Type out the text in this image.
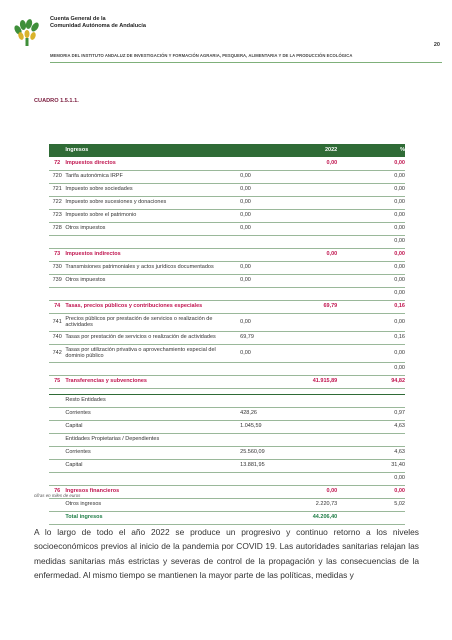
Cuenta General de la
Comunidad Autónoma de Andalucía
20
MEMORIA DEL INSTITUTO ANDALUZ DE INVESTIGACIÓN Y FORMACIÓN AGRARIA, PESQUERA, ALIMENTARIA Y DE LA PRODUCCIÓN ECOLÓGICA
CUADRO 1.5.1.1.
	Ingresos		2022	%
72	Impuestos directos		0,00	0,00
720	Tarifa autonómica IRPF	0,00		0,00
721	Impuesto sobre sociedades	0,00		0,00
722	Impuesto sobre sucesiones y donaciones	0,00		0,00
723	Impuesto sobre el patrimonio	0,00		0,00
728	Otros impuestos	0,00		0,00
				0,00
73	Impuestos indirectos		0,00	0,00
730	Transmisiones patrimoniales y actos jurídicos documentados	0,00		0,00
739	Otros impuestos	0,00		0,00
				0,00
74	Tasas, precios públicos y contribuciones especiales		69,79	0,16
741	Precios públicos por prestación de servicios o realización de actividades	0,00		0,00
740	Tasas por prestación de servicios o realización de actividades	69,79		0,16
742	Tasas por utilización privativa o aprovechamiento especial del dominio público	0,00		0,00
				0,00
75	Transferencias y subvenciones		41.915,89	94,82

	Resto Entidades			
	Corrientes	428,26		0,97
	Capital	1.045,59		4,63
	Entidades Propietarias / Dependientes			
	Corrientes	25.560,09		4,63
	Capital	13.881,95		31,40
				0,00
76	Ingresos financieros		0,00	0,00
	Otros ingresos		2.220,73	5,02
	Total ingresos		44.206,40	
cifras en miles de euros
A lo largo de todo el año 2022 se produce un progresivo y continuo retorno a los niveles socioeconómicos previos al inicio de la pandemia por COVID 19. Las autoridades sanitarias relajan las medidas sanitarias más estrictas y severas de control de la propagación y las consecuencias de la enfermedad. Al mismo tiempo se mantienen la mayor parte de las políticas, medidas y
